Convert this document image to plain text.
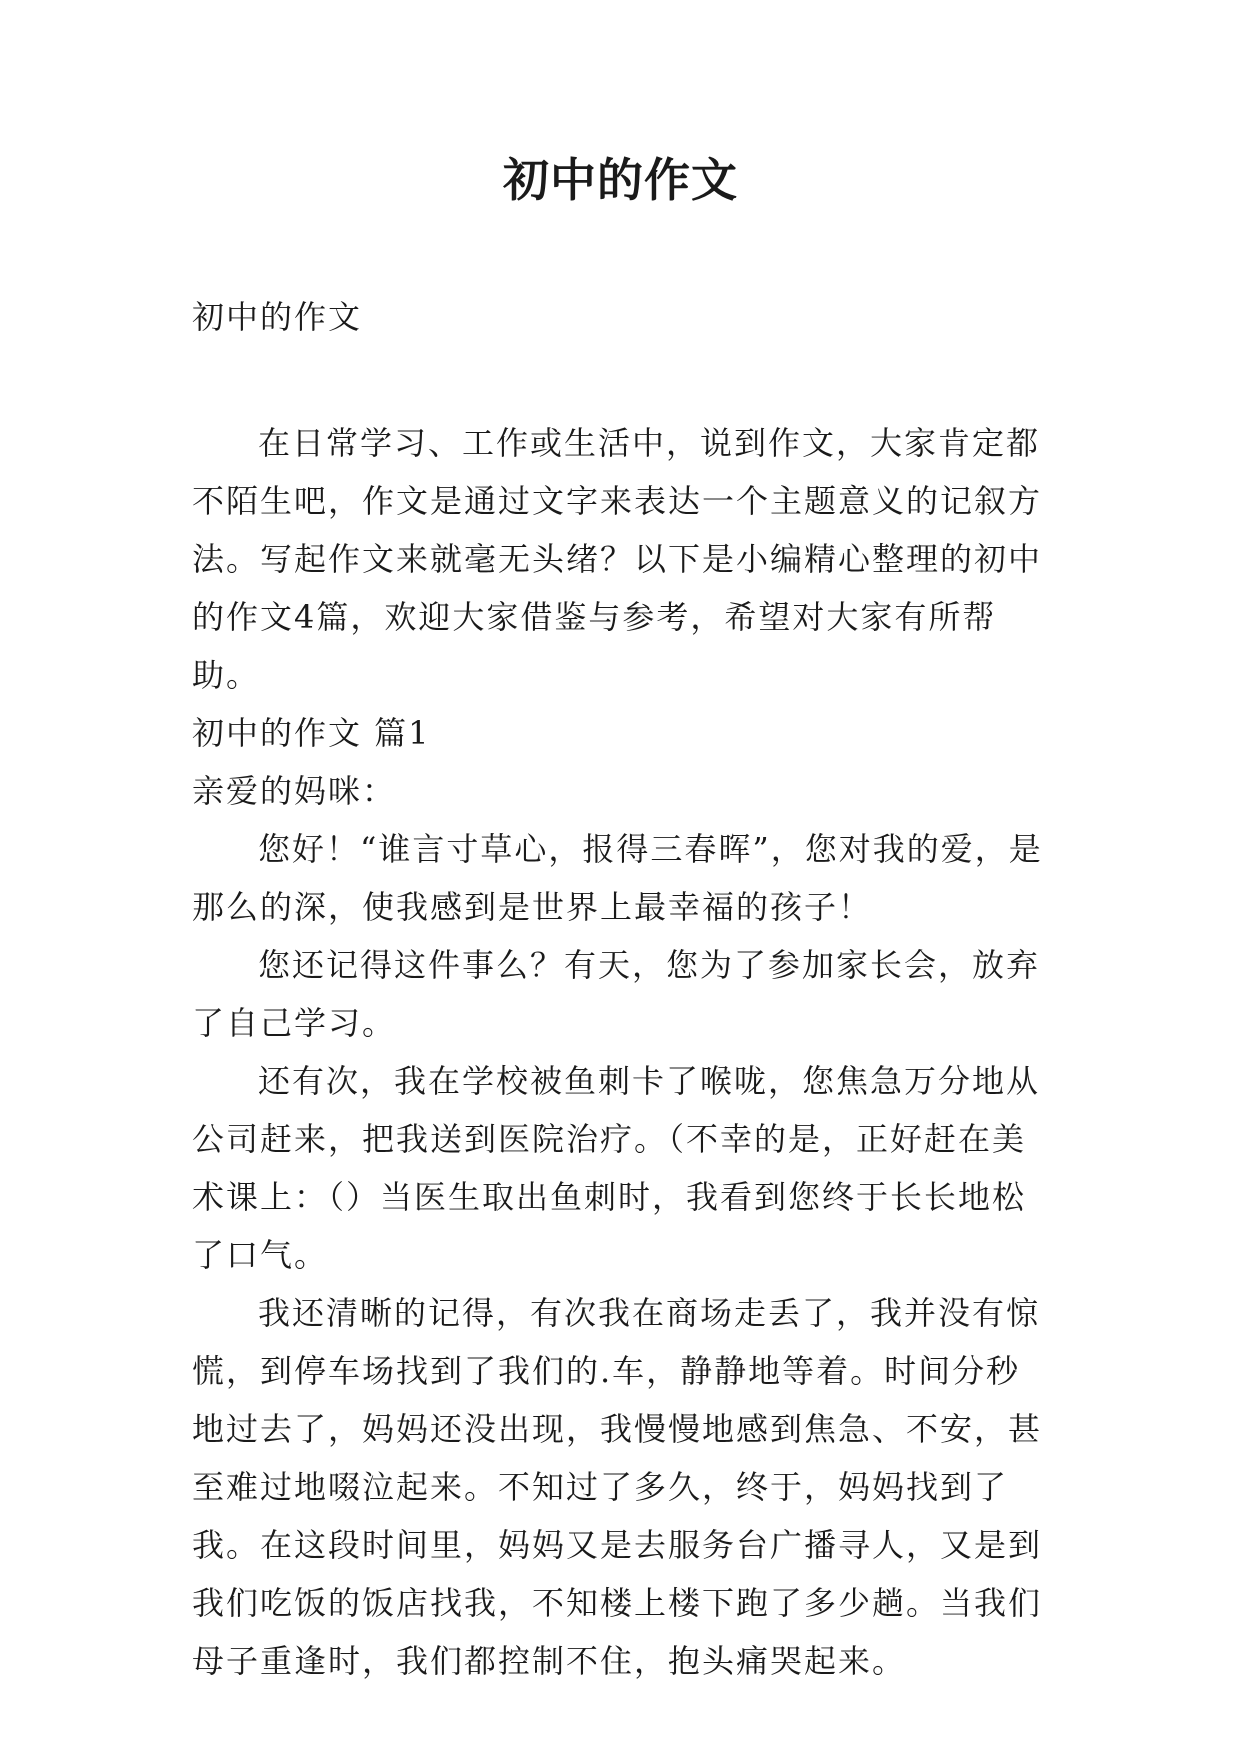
初中的作文

初中的作文

在日常学习、工作或生活中，说到作文，大家肯定都不陌生吧，作文是通过文字来表达一个主题意义的记叙方法。写起作文来就毫无头绪？以下是小编精心整理的初中的作文4篇，欢迎大家借鉴与参考，希望对大家有所帮助。

初中的作文 篇1

亲爱的妈咪：

您好！“谁言寸草心，报得三春晖”，您对我的爱，是那么的深，使我感到是世界上最幸福的孩子！

您还记得这件事么？有天，您为了参加家长会，放弃了自己学习。

还有次，我在学校被鱼刺卡了喉咙，您焦急万分地从公司赶来，把我送到医院治疗。（不幸的是，正好赶在美术课上：（）当医生取出鱼刺时，我看到您终于长长地松了口气。

我还清晰的记得，有次我在商场走丢了，我并没有惊慌，到停车场找到了我们的.车，静静地等着。时间分秒地过去了，妈妈还没出现，我慢慢地感到焦急、不安，甚至难过地啜泣起来。不知过了多久，终于，妈妈找到了我。在这段时间里，妈妈又是去服务台广播寻人，又是到我们吃饭的饭店找我，不知楼上楼下跑了多少趟。当我们母子重逢时，我们都控制不住，抱头痛哭起来。
